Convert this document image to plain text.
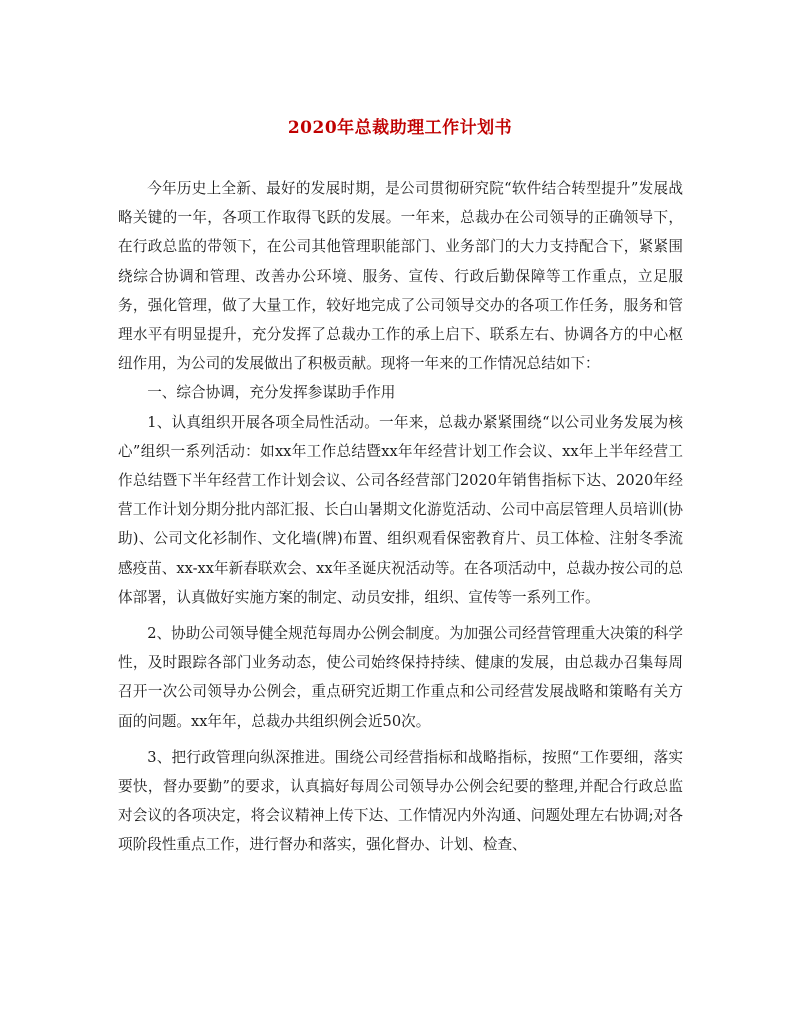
2020年总裁助理工作计划书

今年历史上全新、最好的发展时期，是公司贯彻研究院“软件结合转型提升”发展战略关键的一年，各项工作取得飞跃的发展。一年来，总裁办在公司领导的正确领导下，在行政总监的带领下，在公司其他管理职能部门、业务部门的大力支持配合下，紧紧围绕综合协调和管理、改善办公环境、服务、宣传、行政后勤保障等工作重点，立足服务，强化管理，做了大量工作，较好地完成了公司领导交办的各项工作任务，服务和管理水平有明显提升，充分发挥了总裁办工作的承上启下、联系左右、协调各方的中心枢纽作用，为公司的发展做出了积极贡献。现将一年来的工作情况总结如下：

一、综合协调，充分发挥参谋助手作用

1、认真组织开展各项全局性活动。一年来，总裁办紧紧围绕“以公司业务发展为核心”组织一系列活动：如xx年工作总结暨xx年年经营计划工作会议、xx年上半年经营工作总结暨下半年经营工作计划会议、公司各经营部门2020年销售指标下达、2020年经营工作计划分期分批内部汇报、长白山暑期文化游览活动、公司中高层管理人员培训(协助)、公司文化衫制作、文化墙(牌)布置、组织观看保密教育片、员工体检、注射冬季流感疫苗、xx-xx年新春联欢会、xx年圣诞庆祝活动等。在各项活动中，总裁办按公司的总体部署，认真做好实施方案的制定、动员安排，组织、宣传等一系列工作。

2、协助公司领导健全规范每周办公例会制度。为加强公司经营管理重大决策的科学性，及时跟踪各部门业务动态，使公司始终保持持续、健康的发展，由总裁办召集每周召开一次公司领导办公例会，重点研究近期工作重点和公司经营发展战略和策略有关方面的问题。xx年年，总裁办共组织例会近50次。

3、把行政管理向纵深推进。围绕公司经营指标和战略指标，按照“工作要细，落实要快，督办要勤”的要求，认真搞好每周公司领导办公例会纪要的整理,并配合行政总监对会议的各项决定，将会议精神上传下达、工作情况内外沟通、问题处理左右协调;对各项阶段性重点工作，进行督办和落实，强化督办、计划、检查、
